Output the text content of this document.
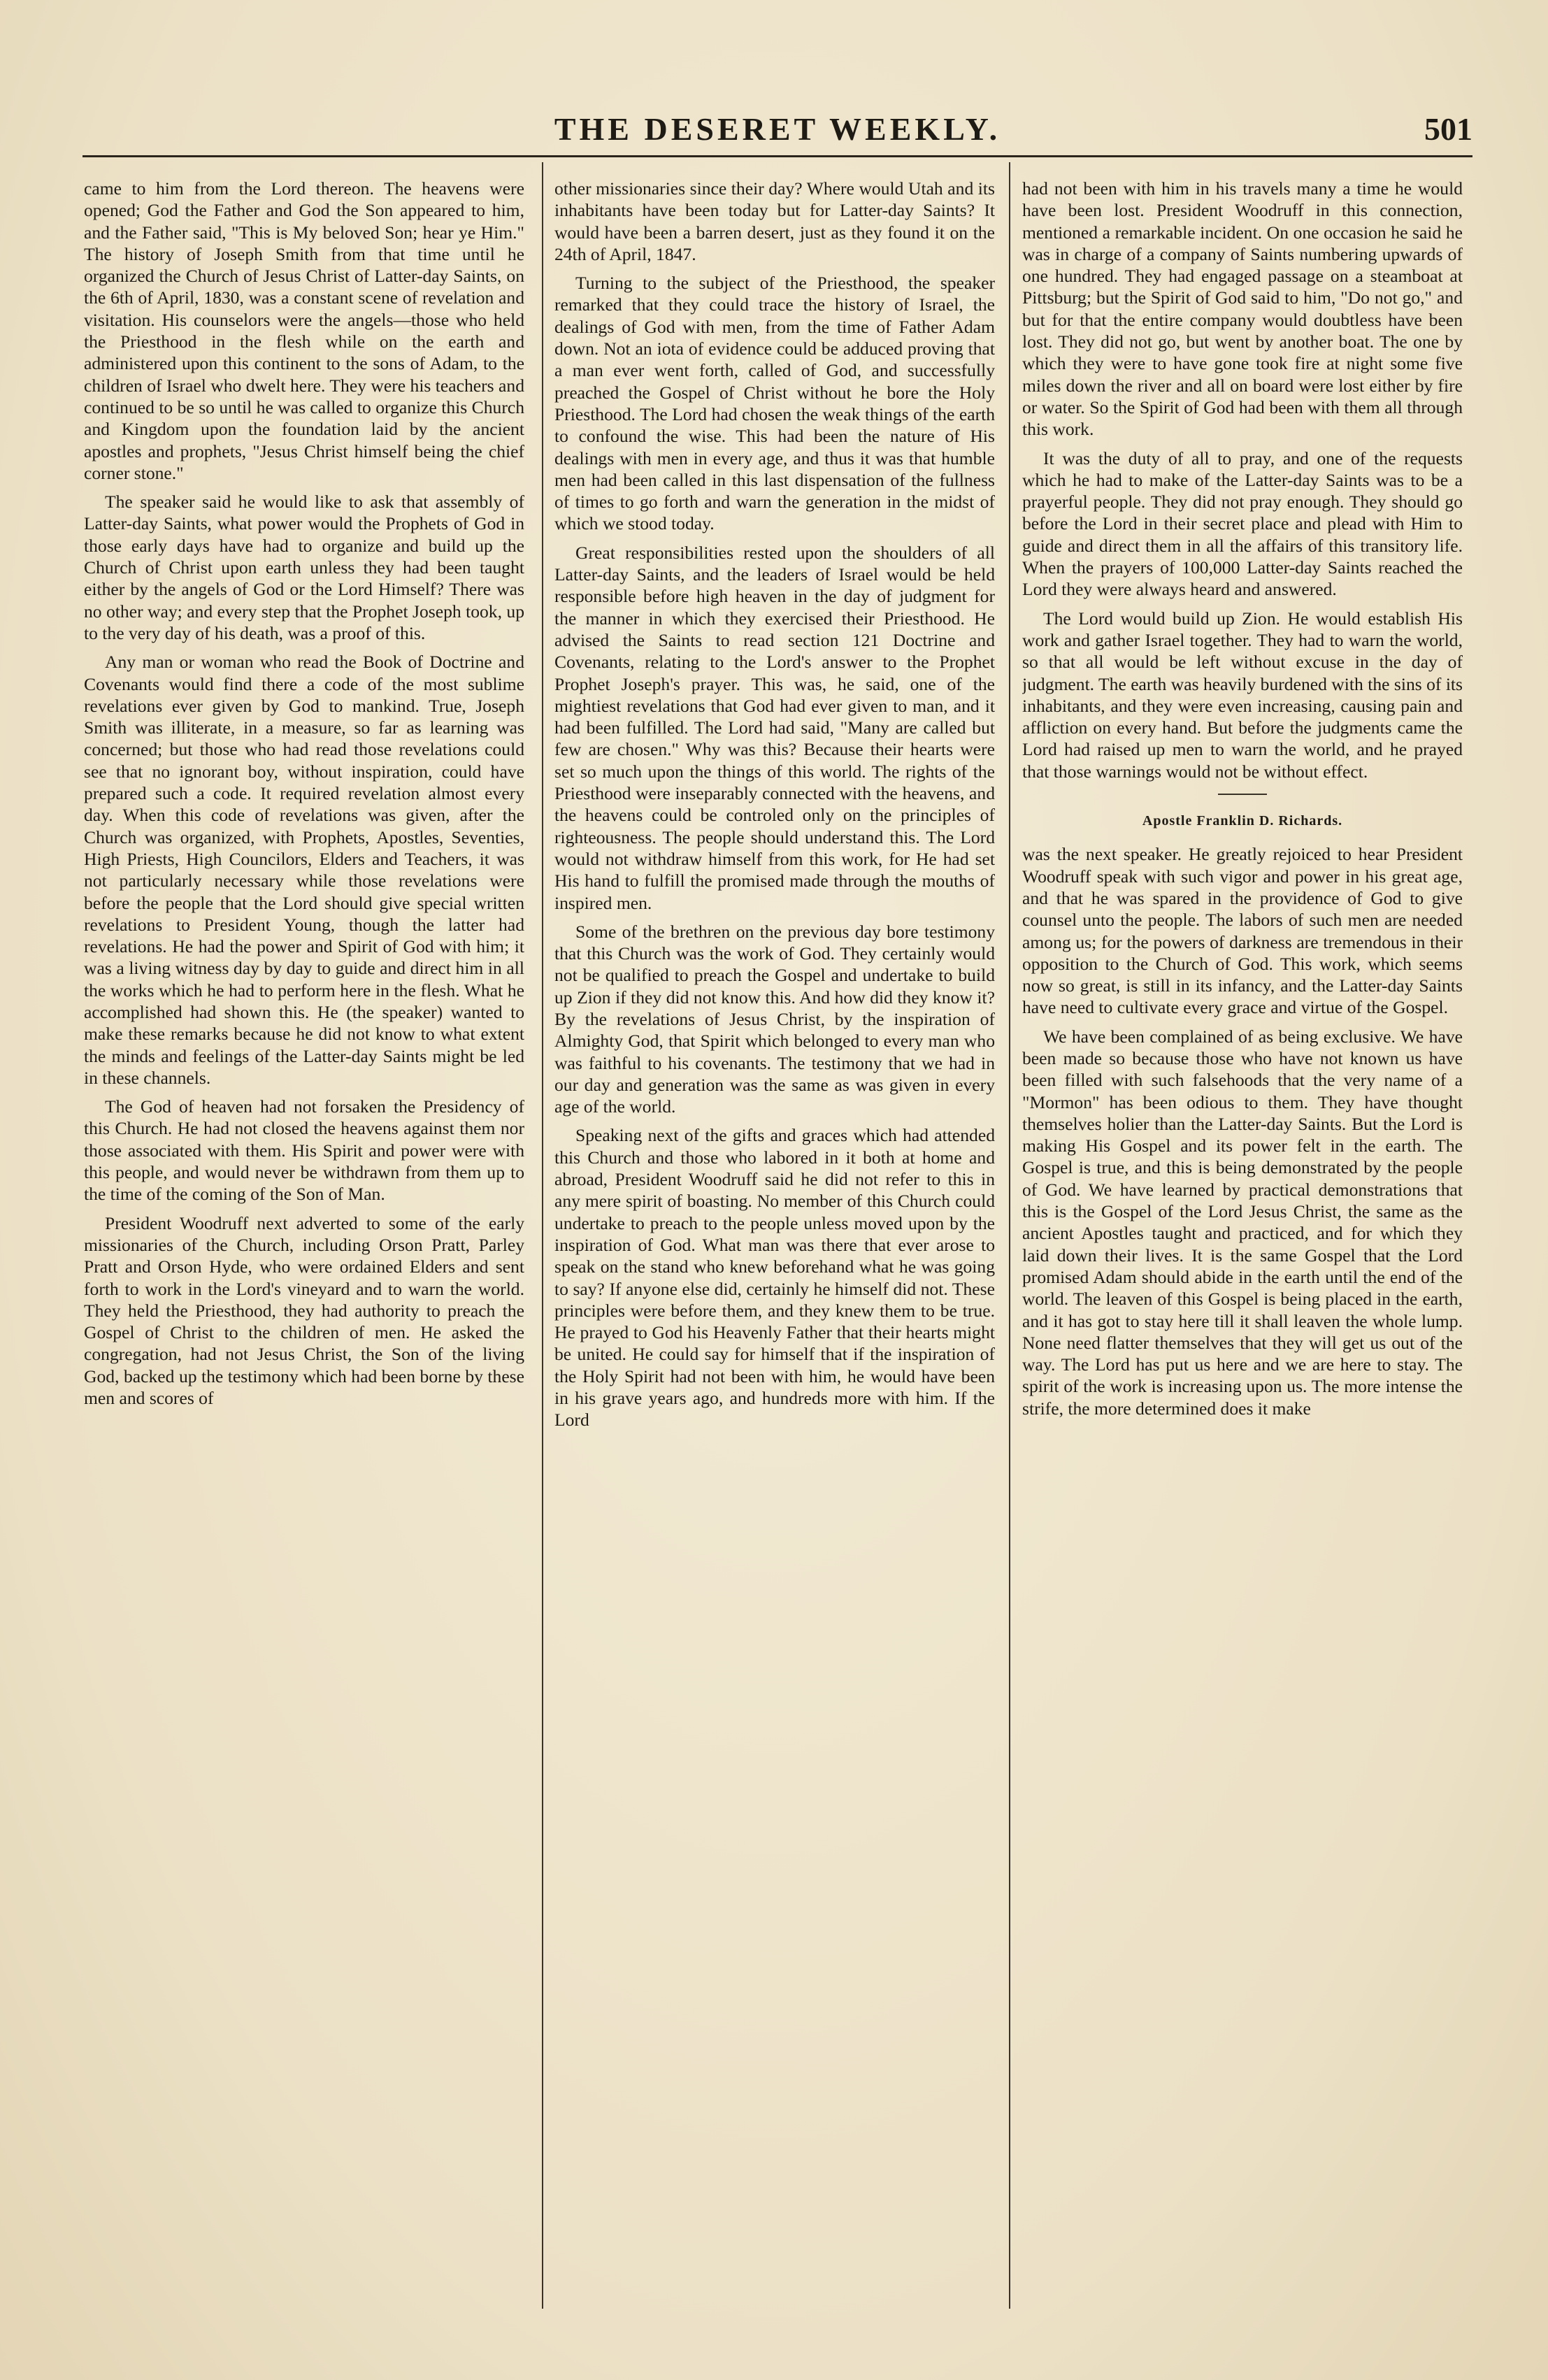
THE DESERET WEEKLY.	501

came to him from the Lord thereon. The heavens were opened; God the Father and God the Son appeared to him, and the Father said, "This is My beloved Son; hear ye Him." The history of Joseph Smith from that time until he organized the Church of Jesus Christ of Latter-day Saints, on the 6th of April, 1830, was a constant scene of revelation and visitation. His counselors were the angels—those who held the Priesthood in the flesh while on the earth and administered upon this continent to the sons of Adam, to the children of Israel who dwelt here. They were his teachers and continued to be so until he was called to organize this Church and Kingdom upon the foundation laid by the ancient apostles and prophets, "Jesus Christ himself being the chief corner stone."

The speaker said he would like to ask that assembly of Latter-day Saints, what power would the Prophets of God in those early days have had to organize and build up the Church of Christ upon earth unless they had been taught either by the angels of God or the Lord Himself? There was no other way; and every step that the Prophet Joseph took, up to the very day of his death, was a proof of this.

Any man or woman who read the Book of Doctrine and Covenants would find there a code of the most sublime revelations ever given by God to mankind. True, Joseph Smith was illiterate, in a measure, so far as learning was concerned; but those who had read those revelations could see that no ignorant boy, without inspiration, could have prepared such a code. It required revelation almost every day. When this code of revelations was given, after the Church was organized, with Prophets, Apostles, Seventies, High Priests, High Councilors, Elders and Teachers, it was not particularly necessary while those revelations were before the people that the Lord should give special written revelations to President Young, though the latter had revelations. He had the power and Spirit of God with him; it was a living witness day by day to guide and direct him in all the works which he had to perform here in the flesh. What he accomplished had shown this. He (the speaker) wanted to make these remarks because he did not know to what extent the minds and feelings of the Latter-day Saints might be led in these channels.

The God of heaven had not forsaken the Presidency of this Church. He had not closed the heavens against them nor those associated with them. His Spirit and power were with this people, and would never be withdrawn from them up to the time of the coming of the Son of Man.

President Woodruff next adverted to some of the early missionaries of the Church, including Orson Pratt, Parley Pratt and Orson Hyde, who were ordained Elders and sent forth to work in the Lord's vineyard and to warn the world. They held the Priesthood, they had authority to preach the Gospel of Christ to the children of men. He asked the congregation, had not Jesus Christ, the Son of the living God, backed up the testimony which had been borne by these men and scores of

other missionaries since their day? Where would Utah and its inhabitants have been today but for Latter-day Saints? It would have been a barren desert, just as they found it on the 24th of April, 1847.

Turning to the subject of the Priesthood, the speaker remarked that they could trace the history of Israel, the dealings of God with men, from the time of Father Adam down. Not an iota of evidence could be adduced proving that a man ever went forth, called of God, and successfully preached the Gospel of Christ without he bore the Holy Priesthood. The Lord had chosen the weak things of the earth to confound the wise. This had been the nature of His dealings with men in every age, and thus it was that humble men had been called in this last dispensation of the fullness of times to go forth and warn the generation in the midst of which we stood today.

Great responsibilities rested upon the shoulders of all Latter-day Saints, and the leaders of Israel would be held responsible before high heaven in the day of judgment for the manner in which they exercised their Priesthood. He advised the Saints to read section 121 Doctrine and Covenants, relating to the Lord's answer to the Prophet Prophet Joseph's prayer. This was, he said, one of the mightiest revelations that God had ever given to man, and it had been fulfilled. The Lord had said, "Many are called but few are chosen." Why was this? Because their hearts were set so much upon the things of this world. The rights of the Priesthood were inseparably connected with the heavens, and the heavens could be controled only on the principles of righteousness. The people should understand this. The Lord would not withdraw himself from this work, for He had set His hand to fulfill the promised made through the mouths of inspired men.

Some of the brethren on the previous day bore testimony that this Church was the work of God. They certainly would not be qualified to preach the Gospel and undertake to build up Zion if they did not know this. And how did they know it? By the revelations of Jesus Christ, by the inspiration of Almighty God, that Spirit which belonged to every man who was faithful to his covenants. The testimony that we had in our day and generation was the same as was given in every age of the world.

Speaking next of the gifts and graces which had attended this Church and those who labored in it both at home and abroad, President Woodruff said he did not refer to this in any mere spirit of boasting. No member of this Church could undertake to preach to the people unless moved upon by the inspiration of God. What man was there that ever arose to speak on the stand who knew beforehand what he was going to say? If anyone else did, certainly he himself did not. These principles were before them, and they knew them to be true. He prayed to God his Heavenly Father that their hearts might be united. He could say for himself that if the inspiration of the Holy Spirit had not been with him, he would have been in his grave years ago, and hundreds more with him. If the Lord

had not been with him in his travels many a time he would have been lost. President Woodruff in this connection, mentioned a remarkable incident. On one occasion he said he was in charge of a company of Saints numbering upwards of one hundred. They had engaged passage on a steamboat at Pittsburg; but the Spirit of God said to him, "Do not go," and but for that the entire company would doubtless have been lost. They did not go, but went by another boat. The one by which they were to have gone took fire at night some five miles down the river and all on board were lost either by fire or water. So the Spirit of God had been with them all through this work.

It was the duty of all to pray, and one of the requests which he had to make of the Latter-day Saints was to be a prayerful people. They did not pray enough. They should go before the Lord in their secret place and plead with Him to guide and direct them in all the affairs of this transitory life. When the prayers of 100,000 Latter-day Saints reached the Lord they were always heard and answered.

The Lord would build up Zion. He would establish His work and gather Israel together. They had to warn the world, so that all would be left without excuse in the day of judgment. The earth was heavily burdened with the sins of its inhabitants, and they were even increasing, causing pain and affliction on every hand. But before the judgments came the Lord had raised up men to warn the world, and he prayed that those warnings would not be without effect.

Apostle Franklin D. Richards.

was the next speaker. He greatly rejoiced to hear President Woodruff speak with such vigor and power in his great age, and that he was spared in the providence of God to give counsel unto the people. The labors of such men are needed among us; for the powers of darkness are tremendous in their opposition to the Church of God. This work, which seems now so great, is still in its infancy, and the Latter-day Saints have need to cultivate every grace and virtue of the Gospel.

We have been complained of as being exclusive. We have been made so because those who have not known us have been filled with such falsehoods that the very name of a "Mormon" has been odious to them. They have thought themselves holier than the Latter-day Saints. But the Lord is making His Gospel and its power felt in the earth. The Gospel is true, and this is being demonstrated by the people of God. We have learned by practical demonstrations that this is the Gospel of the Lord Jesus Christ, the same as the ancient Apostles taught and practiced, and for which they laid down their lives. It is the same Gospel that the Lord promised Adam should abide in the earth until the end of the world. The leaven of this Gospel is being placed in the earth, and it has got to stay here till it shall leaven the whole lump. None need flatter themselves that they will get us out of the way. The Lord has put us here and we are here to stay. The spirit of the work is increasing upon us. The more intense the strife, the more determined does it make
